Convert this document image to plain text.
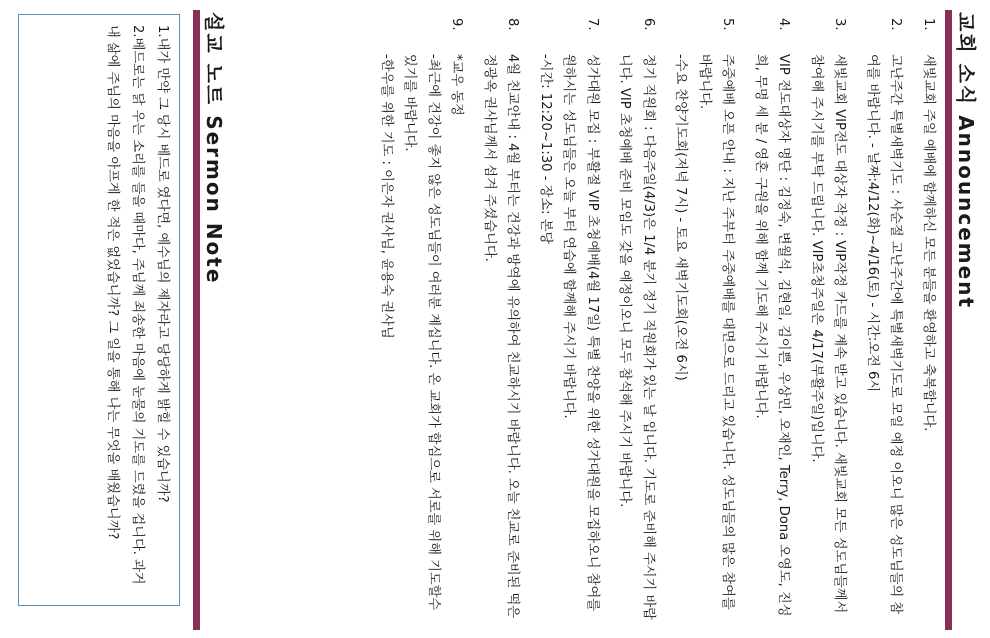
교회 소식 Announcement
1.
새빛교회 주일 예배에 함께하신 모든 분들을 환영하고 축복합니다.
2.
고난주간 특별새벽기도 : 사순절 고난주간에 특별새벽기도로 모일 예정 이오니 많은 성도님들의 참여를 바랍니다. - 날짜:4/12(화)~4/16(토) - 시간:오전 6시
3.
새빛교회 VIP전도 대상자 작정 : VIP작정 카드를 계속 받고 있습니다. 새빛교회 모든 성도님들께서 참여해 주시기를 부탁 드립니다. VIP초청주일은 4/17(부활주일)입니다.
4.
VIP 전도대상자 명단 : 김정숙, 변월석, 김현일, 김이쁜, 우상민, 오재인, Terry, Dona 오영도, 진성희, 무명 세 분 / 영혼 구원을 위해 함께 기도해 주시기 바랍니다.
5.
주중예배 오픈 안내 : 지난 주부터 주중예배를 대면으로 드리고 있습니다. 성도님들의 많은 참여를 바랍니다.
-수요 찬양기도회(저녁 7시) - 토요 새벽기도회(오전 6시)
6.
정기 직원회 : 다음주일(4/3)은 1/4 분기 정기 직원회가 있는 날 입니다. 기도로 준비해 주시기 바랍니다. VIP 초청예배 준비 모임도 갖을 예정이오니 모두 참석해 주시기 바랍니다.
7.
성가대원 모집 : 부활절 VIP 초청예배(4월 17일) 특별 찬양을 위한 성가대원을 모집하오니 참여를 원하시는 성도님들은 오늘 부터 연습에 함께해 주시기 바랍니다.
-시간: 12:20~1:30 - 장소: 본당
8.
4월 친교안내 : 4월 부터는 건강과 방역에 유의하여 친교하시기 바랍니다. 오늘 친교로 준비된 떡은 정광옥 권사님께서 섬겨 주셨습니다.
9.
*교우 동정
-최근에 건강이 좋지 않은 성도님들이 여러분 계십니다. 온 교회가 합심으로 서로를 위해 기도할수 있기를 바랍니다.
-한우를 위한 기도 : 이은자 권사님, 윤용숙 권사님
설교 노트 Sermon Note

1.내가 만약 그 당시 베드로 였다면, 예수님의 제자라고 당당하게 밝힐 수 있습니까?

2.베드로는 닭 우는 소리를 들을 때마다, 주님께 죄송한 마음에 눈물의 기도를 드렸을 겁니다. 과거 내 삶에 주님의 마음을 아프게 한 적은 없었습니까? 그 일을 통해 나는 무엇을 배웠습니까?
